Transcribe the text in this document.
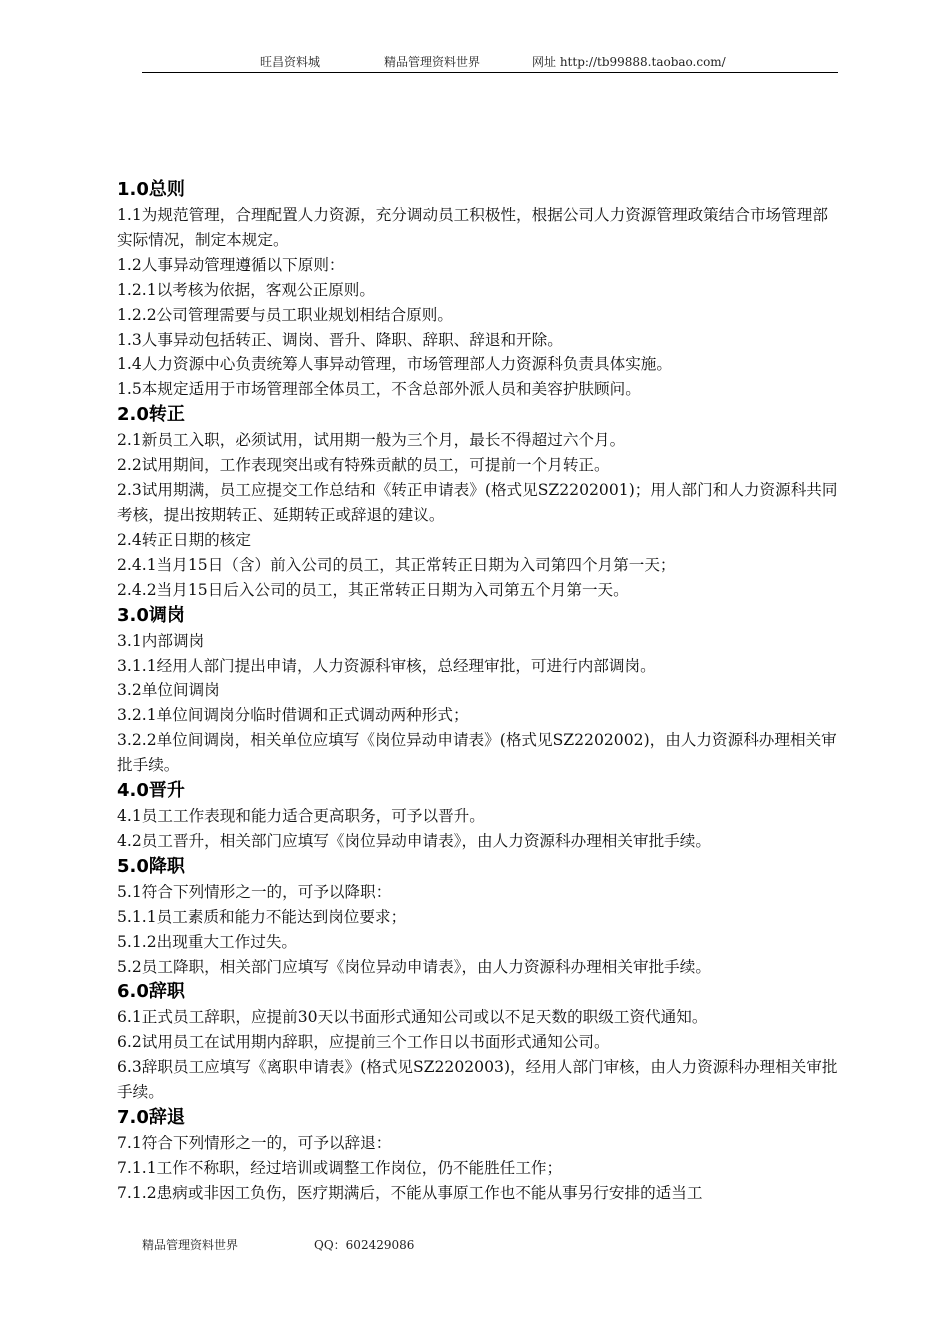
旺昌资料城	精品管理资料世界	网址 http://tb99888.taobao.com/
1.0总则

1.1为规范管理，合理配置人力资源，充分调动员工积极性，根据公司人力资源管理政策结合市场管理部实际情况，制定本规定。

1.2人事异动管理遵循以下原则：

1.2.1以考核为依据，客观公正原则。

1.2.2公司管理需要与员工职业规划相结合原则。

1.3人事异动包括转正、调岗、晋升、降职、辞职、辞退和开除。

1.4人力资源中心负责统筹人事异动管理，市场管理部人力资源科负责具体实施。

1.5本规定适用于市场管理部全体员工，不含总部外派人员和美容护肤顾问。

2.0转正

2.1新员工入职，必须试用，试用期一般为三个月，最长不得超过六个月。

2.2试用期间，工作表现突出或有特殊贡献的员工，可提前一个月转正。

2.3试用期满，员工应提交工作总结和《转正申请表》(格式见SZ2202001)；用人部门和人力资源科共同考核，提出按期转正、延期转正或辞退的建议。

2.4转正日期的核定

2.4.1当月15日（含）前入公司的员工，其正常转正日期为入司第四个月第一天；

2.4.2当月15日后入公司的员工，其正常转正日期为入司第五个月第一天。

3.0调岗

3.1内部调岗

3.1.1经用人部门提出申请，人力资源科审核，总经理审批，可进行内部调岗。

3.2单位间调岗

3.2.1单位间调岗分临时借调和正式调动两种形式；

3.2.2单位间调岗，相关单位应填写《岗位异动申请表》(格式见SZ2202002)，由人力资源科办理相关审批手续。

4.0晋升

4.1员工工作表现和能力适合更高职务，可予以晋升。

4.2员工晋升，相关部门应填写《岗位异动申请表》，由人力资源科办理相关审批手续。

5.0降职

5.1符合下列情形之一的，可予以降职：

5.1.1员工素质和能力不能达到岗位要求；

5.1.2出现重大工作过失。

5.2员工降职，相关部门应填写《岗位异动申请表》，由人力资源科办理相关审批手续。

6.0辞职

6.1正式员工辞职，应提前30天以书面形式通知公司或以不足天数的职级工资代通知。

6.2试用员工在试用期内辞职，应提前三个工作日以书面形式通知公司。

6.3辞职员工应填写《离职申请表》(格式见SZ2202003)，经用人部门审核，由人力资源科办理相关审批手续。

7.0辞退

7.1符合下列情形之一的，可予以辞退：

7.1.1工作不称职，经过培训或调整工作岗位，仍不能胜任工作；

7.1.2患病或非因工负伤，医疗期满后，不能从事原工作也不能从事另行安排的适当工

精品管理资料世界	QQ：602429086
